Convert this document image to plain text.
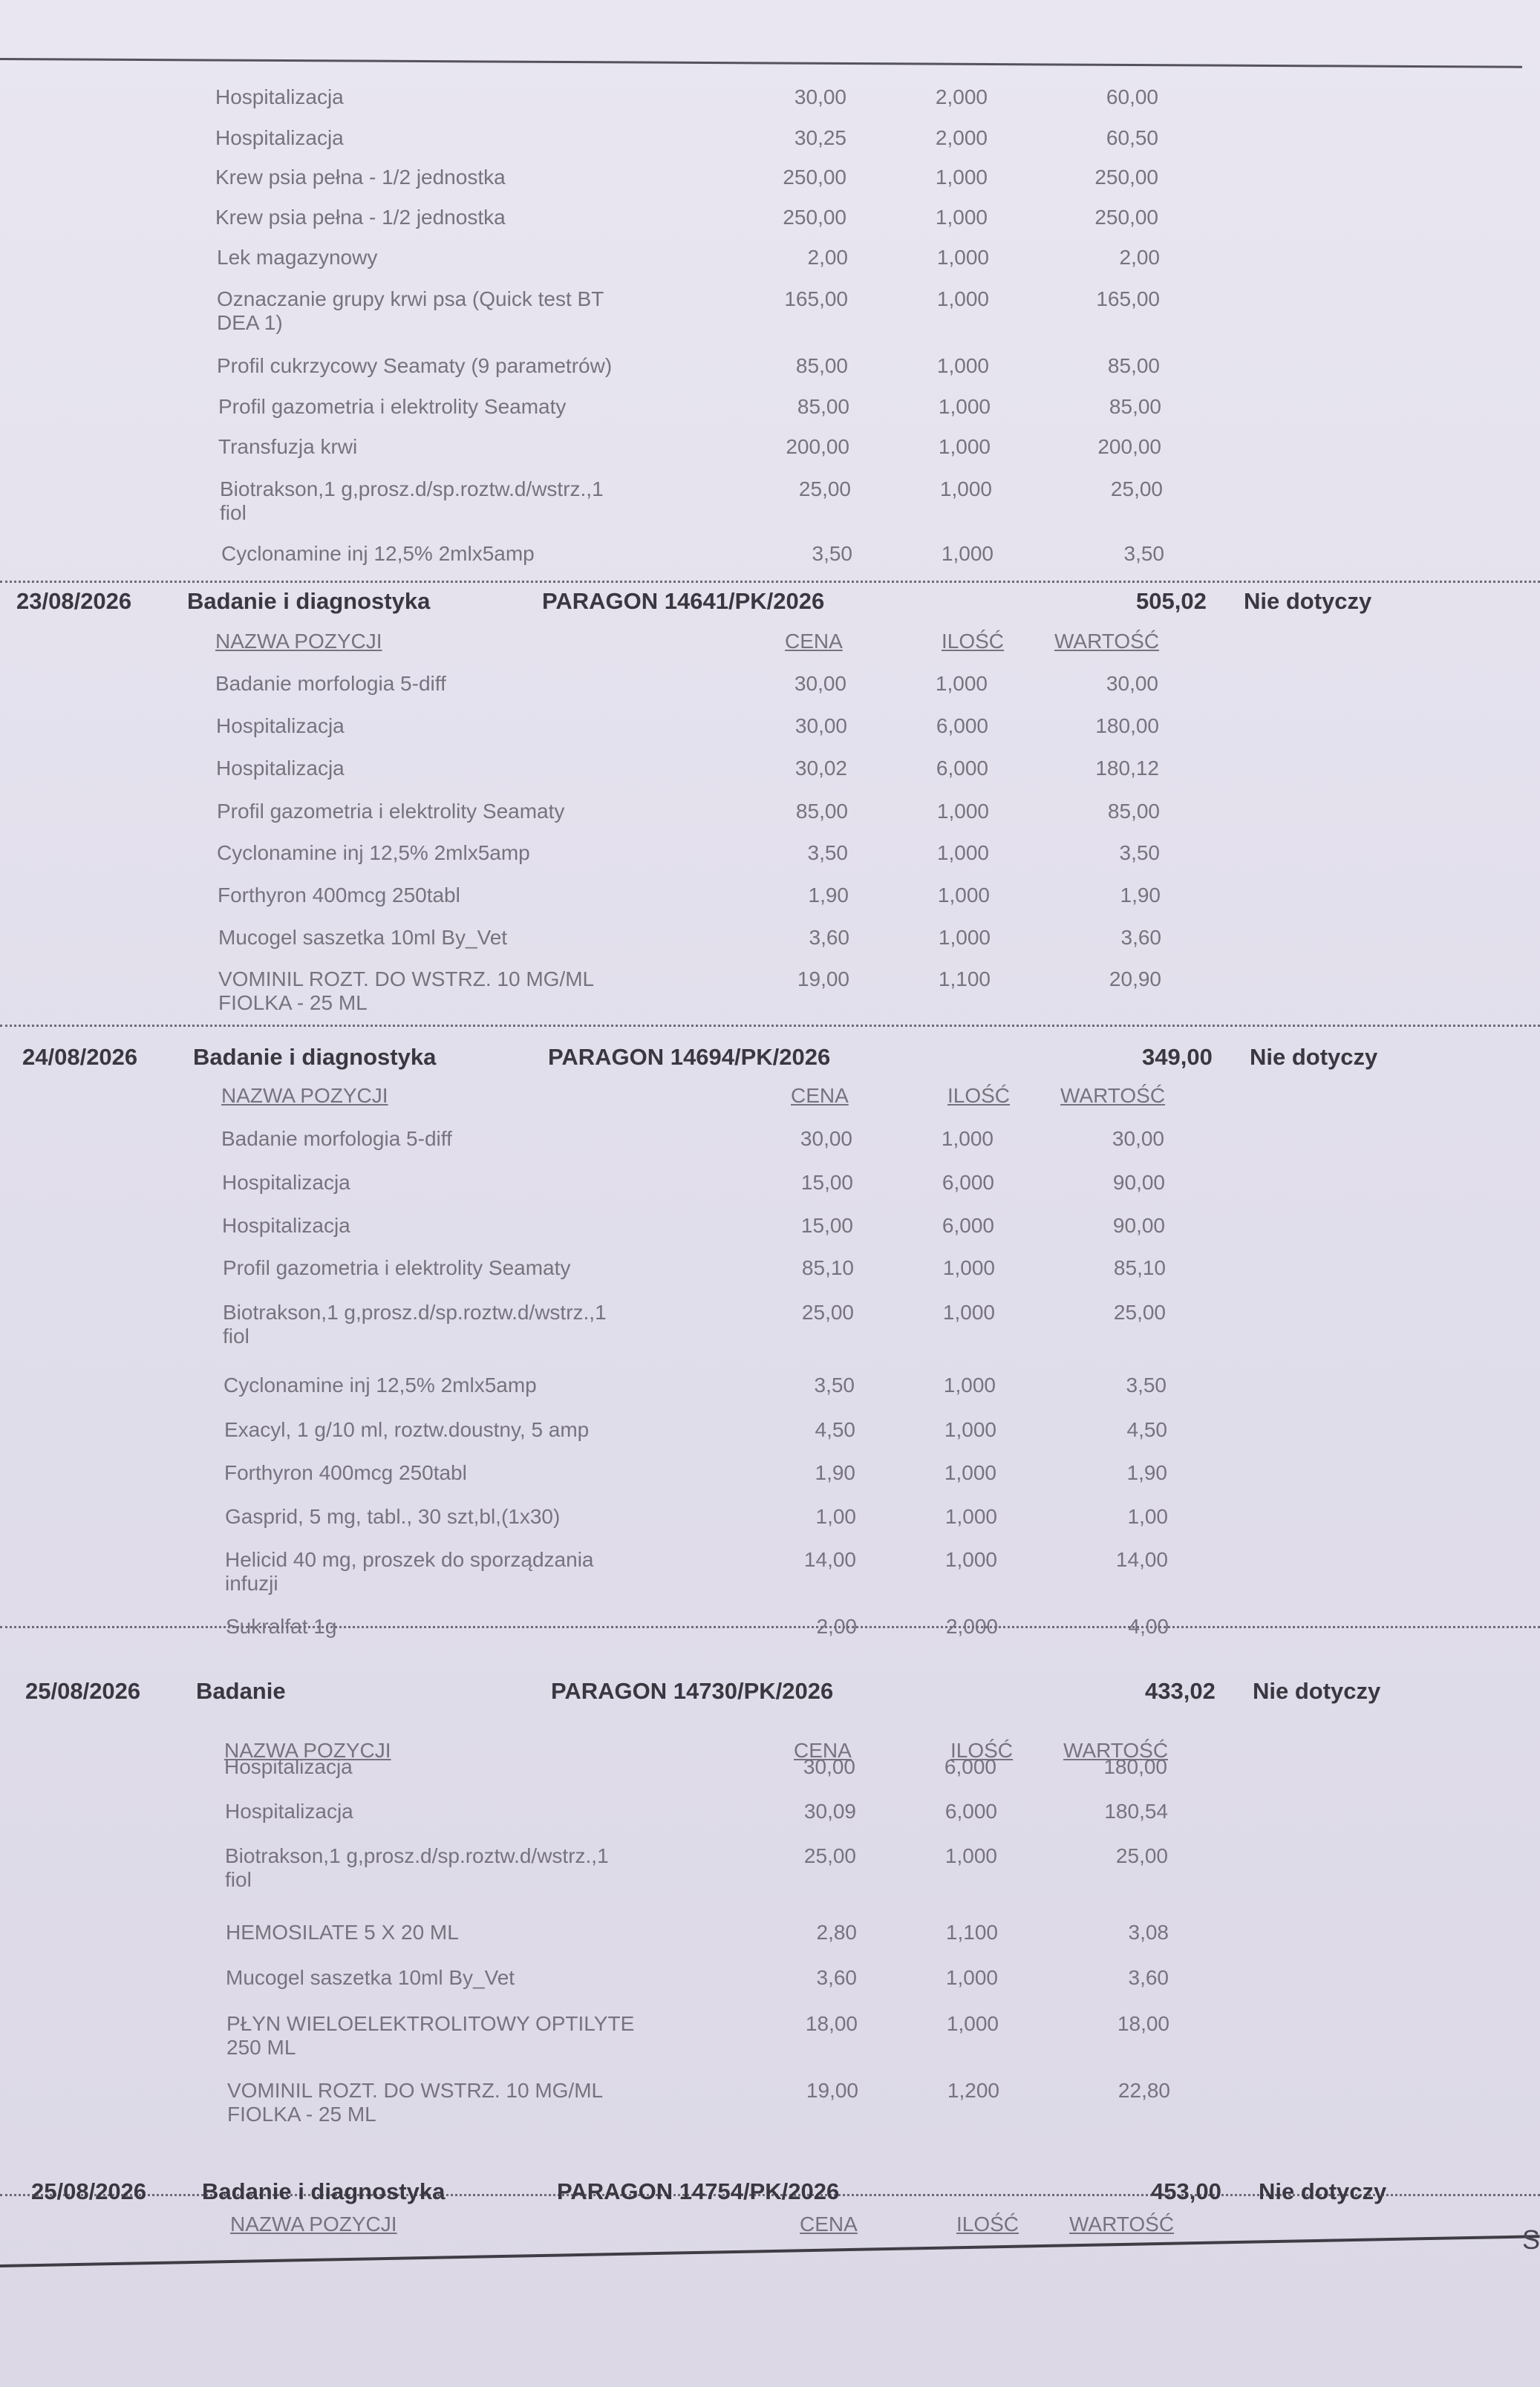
Hospitalizacja	30,00	2,000	60,00
Hospitalizacja	30,25	2,000	60,50
Krew psia pełna - 1/2 jednostka	250,00	1,000	250,00
Krew psia pełna - 1/2 jednostka	250,00	1,000	250,00
Lek magazynowy	2,00	1,000	2,00
Oznaczanie grupy krwi psa (Quick test BT
DEA 1)
165,00	1,000	165,00
Profil cukrzycowy Seamaty (9 parametrów)	85,00	1,000	85,00
Profil gazometria i elektrolity Seamaty	85,00	1,000	85,00
Transfuzja krwi	200,00	1,000	200,00
Biotrakson,1 g,prosz.d/sp.roztw.d/wstrz.,1
fiol
25,00	1,000	25,00
Cyclonamine inj 12,5% 2mlx5amp	3,50	1,000	3,50
23/08/2026 Badanie i diagnostyka	PARAGON 14641/PK/2026	505,02 Nie dotyczy
NAZWA POZYCJI	CENA	ILOŚĆ WARTOŚĆ
Badanie morfologia 5-diff	30,00	1,000	30,00
Hospitalizacja	30,00	6,000	180,00
Hospitalizacja	30,02	6,000	180,12
Profil gazometria i elektrolity Seamaty	85,00	1,000	85,00
Cyclonamine inj 12,5% 2mlx5amp	3,50	1,000	3,50
Forthyron 400mcg 250tabl	1,90	1,000	1,90
Mucogel saszetka 10ml By_Vet	3,60	1,000	3,60
VOMINIL ROZT. DO WSTRZ. 10 MG/ML
FIOLKA - 25 ML
19,00	1,100	20,90
24/08/2026 Badanie i diagnostyka	PARAGON 14694/PK/2026	349,00 Nie dotyczy
NAZWA POZYCJI	CENA	ILOŚĆ WARTOŚĆ
Badanie morfologia 5-diff	30,00	1,000	30,00
Hospitalizacja	15,00	6,000	90,00
Hospitalizacja	15,00	6,000	90,00
Profil gazometria i elektrolity Seamaty	85,10	1,000	85,10
Biotrakson,1 g,prosz.d/sp.roztw.d/wstrz.,1
fiol
25,00	1,000	25,00
Cyclonamine inj 12,5% 2mlx5amp	3,50	1,000	3,50
Exacyl, 1 g/10 ml, roztw.doustny, 5 amp	4,50	1,000	4,50
Forthyron 400mcg 250tabl	1,90	1,000	1,90
Gasprid, 5 mg, tabl., 30 szt,bl,(1x30)	1,00	1,000	1,00
Helicid 40 mg, proszek do sporządzania
infuzji
14,00	1,000	14,00
Sukralfat 1g	2,00	2,000	4,00
25/08/2026 Badanie	PARAGON 14730/PK/2026	433,02 Nie dotyczy
NAZWA POZYCJI	CENA	ILOŚĆ WARTOŚĆ
Hospitalizacja	30,00	6,000	180,00
Hospitalizacja	30,09	6,000	180,54
Biotrakson,1 g,prosz.d/sp.roztw.d/wstrz.,1
fiol
25,00	1,000	25,00
HEMOSILATE 5 X 20 ML	2,80	1,100	3,08
Mucogel saszetka 10ml By_Vet	3,60	1,000	3,60
PŁYN WIELOELEKTROLITOWY OPTILYTE
250 ML
18,00	1,000	18,00
VOMINIL ROZT. DO WSTRZ. 10 MG/ML
FIOLKA - 25 ML
19,00	1,200	22,80
25/08/2026 Badanie i diagnostyka	PARAGON 14754/PK/2026	453,00 Nie dotyczy
NAZWA POZYCJI	CENA	ILOŚĆ WARTOŚĆ
S
